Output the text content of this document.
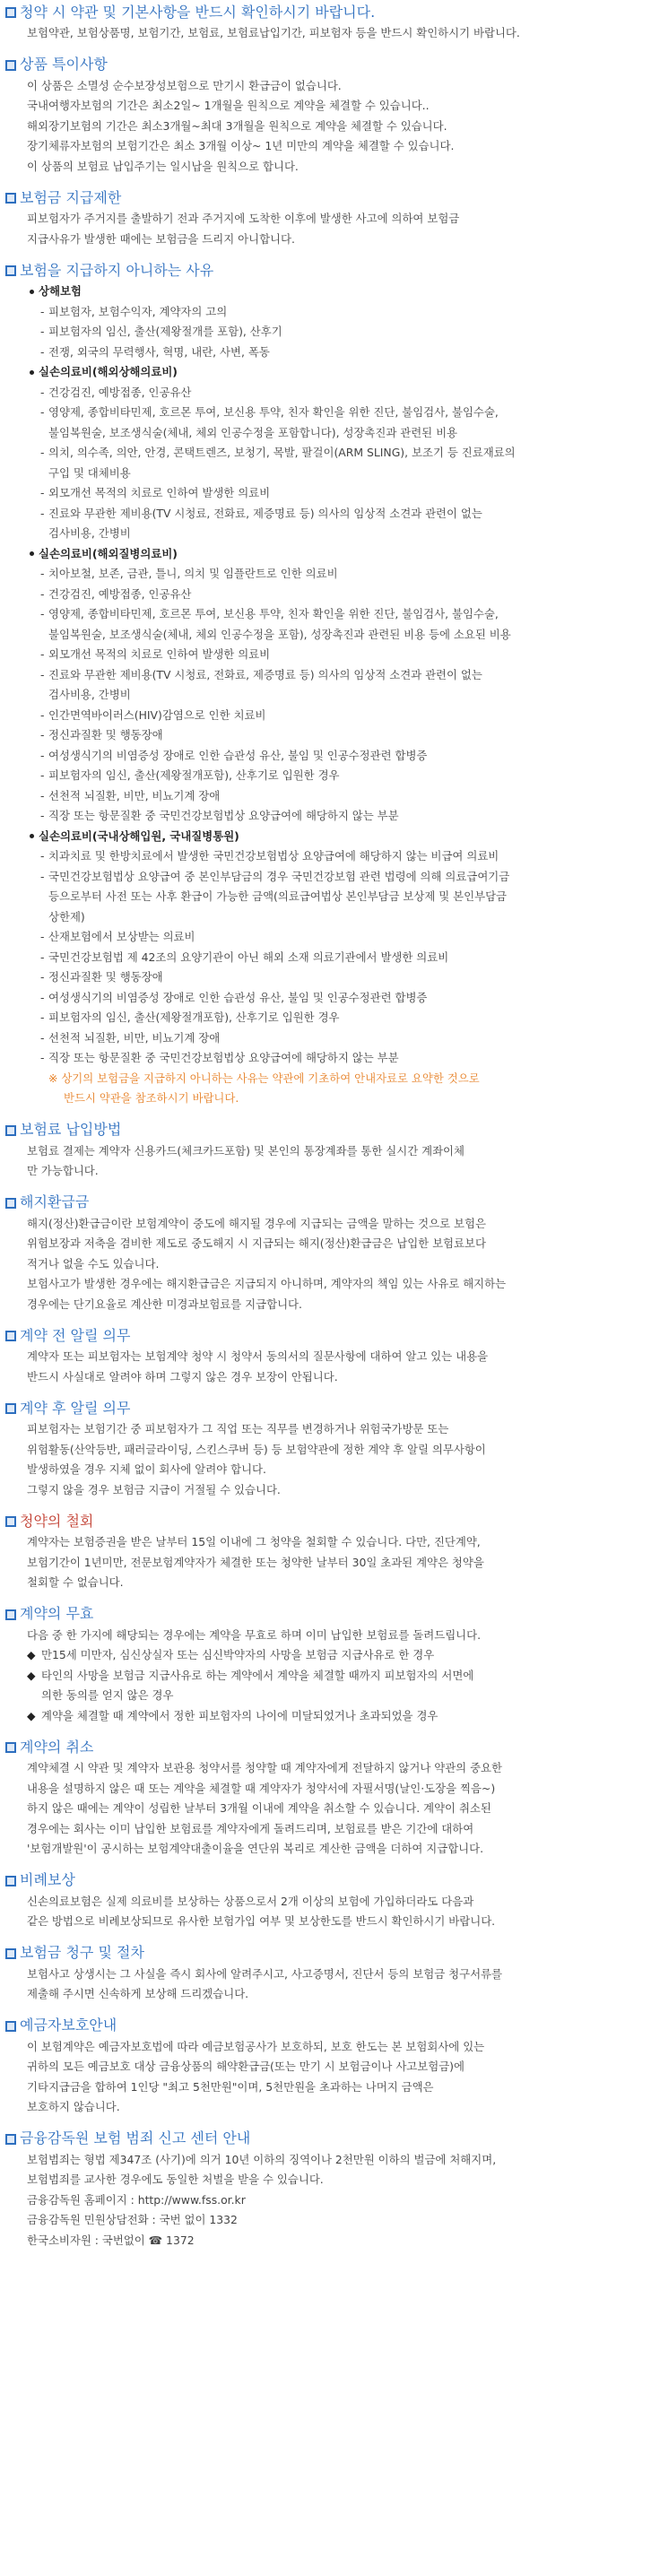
청약 시 약관 및 기본사항을 반드시 확인하시기 바랍니다.
보험약관, 보험상품명, 보험기간, 보험료, 보험료납입기간, 피보험자 등을 반드시 확인하시기 바랍니다.
상품 특이사항
이 상품은 소멸성 순수보장성보험으로 만기시 환급금이 없습니다.
국내여행자보험의 기간은 최소2일~ 1개월을 원칙으로 계약을 체결할 수 있습니다..
해외장기보험의 기간은 최소3개월~최대 3개월을 원칙으로 계약을 체결할 수 있습니다.
장기체류자보험의 보험기간은 최소 3개월 이상~ 1년 미만의 계약을 체결할 수 있습니다.
이 상품의 보험료 납입주기는 일시납을 원칙으로 합니다.
보험금 지급제한
피보험자가 주거지를 출발하기 전과 주거지에 도착한 이후에 발생한 사고에 의하여 보험금
지급사유가 발생한 때에는 보험금을 드리지 아니합니다.
보험을 지급하지 아니하는 사유
상해보험
- 피보험자, 보험수익자, 계약자의 고의
- 피보험자의 임신, 출산(제왕절개를 포함), 산후기
- 전쟁, 외국의 무력행사, 혁명, 내란, 사변, 폭동
실손의료비(해외상해의료비)
- 건강검진, 예방접종, 인공유산
- 영양제, 종합비타민제, 호르몬 투여, 보신용 투약, 친자 확인을 위한 진단, 불임검사, 불임수술,
불임복원술, 보조생식술(체내, 체외 인공수정을 포함합니다), 성장촉진과 관련된 비용
- 의치, 의수족, 의안, 안경, 콘택트렌즈, 보청기, 목발, 팔걸이(ARM SLING), 보조기 등 진료재료의
구입 및 대체비용
- 외모개선 목적의 치료로 인하여 발생한 의료비
- 진료와 무관한 제비용(TV 시청료, 전화료, 제증명료 등) 의사의 임상적 소견과 관련이 없는
검사비용, 간병비
실손의료비(해외질병의료비)
- 치아보철, 보존, 금관, 틀니, 의치 및 임플란트로 인한 의료비
- 건강검진, 예방접종, 인공유산
- 영양제, 종합비타민제, 호르몬 투여, 보신용 투약, 친자 확인을 위한 진단, 불임검사, 불임수술,
불임복원술, 보조생식술(체내, 체외 인공수정을 포함), 성장촉진과 관련된 비용 등에 소요된 비용
- 외모개선 목적의 치료로 인하여 발생한 의료비
- 진료와 무관한 제비용(TV 시청료, 전화료, 제증명료 등) 의사의 임상적 소견과 관련이 없는
검사비용, 간병비
- 인간면역바이러스(HIV)감염으로 인한 치료비
- 정신과질환 및 행동장애
- 여성생식기의 비염증성 장애로 인한 습관성 유산, 불임 및 인공수정관련 합병증
- 피보험자의 임신, 출산(제왕절개포함), 산후기로 입원한 경우
- 선천적 뇌질환, 비만, 비뇨기계 장애
- 직장 또는 항문질환 중 국민건강보험법상 요양급여에 해당하지 않는 부분
실손의료비(국내상해입원, 국내질병통원)
- 치과치료 및 한방치료에서 발생한 국민건강보험법상 요양급여에 해당하지 않는 비급여 의료비
- 국민건강보험법상 요양급여 중 본인부담금의 경우 국민건강보험 관련 법령에 의해 의료급여기금
등으로부터 사전 또는 사후 환급이 가능한 금액(의료급여법상 본인부담금 보상제 및 본인부담금
상한제)
- 산재보험에서 보상받는 의료비
- 국민건강보험법 제 42조의 요양기관이 아닌 해외 소재 의료기관에서 발생한 의료비
- 정신과질환 및 행동장애
- 여성생식기의 비염증성 장애로 인한 습관성 유산, 불임 및 인공수정관련 합병증
- 피보험자의 임신, 출산(제왕절개포함), 산후기로 입원한 경우
- 선천적 뇌질환, 비만, 비뇨기계 장애
- 직장 또는 항문질환 중 국민건강보험법상 요양급여에 해당하지 않는 부분
※ 상기의 보험금을 지급하지 아니하는 사유는 약관에 기초하여 안내자료로 요약한 것으로
반드시 약관을 참조하시기 바랍니다.
보험료 납입방법
보험료 결제는 계약자 신용카드(체크카드포함) 및 본인의 통장계좌를 통한 실시간 계좌이체
만 가능합니다.
해지환급금
해지(정산)환급금이란 보험계약이 중도에 해지될 경우에 지급되는 금액을 말하는 것으로 보험은
위험보장과 저축을 겸비한 제도로 중도해지 시 지급되는 해지(정산)환급금은 납입한 보험료보다
적거나 없을 수도 있습니다.
보험사고가 발생한 경우에는 해지환급금은 지급되지 아니하며, 계약자의 책임 있는 사유로 해지하는
경우에는 단기요율로 계산한 미경과보험료를 지급합니다.
계약 전 알릴 의무
계약자 또는 피보험자는 보험계약 청약 시 청약서 동의서의 질문사항에 대하여 알고 있는 내용을
반드시 사실대로 알려야 하며 그렇지 않은 경우 보장이 안됩니다.
계약 후 알릴 의무
피보험자는 보험기간 중 피보험자가 그 직업 또는 직무를 변경하거나 위험국가방문 또는
위험활동(산악등반, 패러글라이딩, 스킨스쿠버 등) 등 보험약관에 정한 계약 후 알릴 의무사항이
발생하였을 경우 지체 없이 회사에 알려야 합니다.
그렇지 않을 경우 보험금 지급이 거절될 수 있습니다.
청약의 철회
계약자는 보험증권을 받은 날부터 15일 이내에 그 청약을 철회할 수 있습니다. 다만, 진단계약,
보험기간이 1년미만, 전문보험계약자가 체결한 또는 청약한 날부터 30일 초과된 계약은 청약을
철회할 수 없습니다.
계약의 무효
다음 중 한 가지에 해당되는 경우에는 계약을 무효로 하며 이미 납입한 보험료를 돌려드립니다.
◆ 만15세 미만자, 심신상실자 또는 심신박약자의 사망을 보험금 지급사유로 한 경우
◆ 타인의 사망을 보험금 지급사유로 하는 계약에서 계약을 체결할 때까지 피보험자의 서면에
의한 동의를 얻지 않은 경우
◆ 계약을 체결할 때 계약에서 정한 피보험자의 나이에 미달되었거나 초과되었을 경우
계약의 취소
계약체결 시 약관 및 계약자 보관용 청약서를 청약할 때 계약자에게 전달하지 않거나 약관의 중요한
내용을 설명하지 않은 때 또는 계약을 체결할 때 계약자가 청약서에 자필서명(날인·도장을 찍음~)
하지 않은 때에는 계약이 성립한 날부터 3개월 이내에 계약을 취소할 수 있습니다. 계약이 취소된
경우에는 회사는 이미 납입한 보험료를 계약자에게 돌려드리며, 보험료를 받은 기간에 대하여
'보험개발원'이 공시하는 보험계약대출이율을 연단위 복리로 계산한 금액을 더하여 지급합니다.
비례보상
신손의료보험은 실제 의료비를 보상하는 상품으로서 2개 이상의 보험에 가입하더라도 다음과
같은 방법으로 비례보상되므로 유사한 보험가입 여부 및 보상한도를 반드시 확인하시기 바랍니다.
보험금 청구 및 절차
보험사고 상생시는 그 사실을 즉시 회사에 알려주시고, 사고증명서, 진단서 등의 보험금 청구서류를
제출해 주시면 신속하게 보상해 드리겠습니다.
예금자보호안내
이 보험계약은 예금자보호법에 따라 예금보험공사가 보호하되, 보호 한도는 본 보험회사에 있는
귀하의 모든 예금보호 대상 금융상품의 해약환급금(또는 만기 시 보험금이나 사고보험금)에
기타지급금을 합하여 1인당 "최고 5천만원"이며, 5천만원을 초과하는 나머지 금액은
보호하지 않습니다.
금융감독원 보험 범죄 신고 센터 안내
보험범죄는 형법 제347조 (사기)에 의거 10년 이하의 징역이나 2천만원 이하의 벌금에 처해지며,
보험범죄를 교사한 경우에도 동일한 처벌을 받을 수 있습니다.
금융감독원 홈페이지 : http://www.fss.or.kr
금융감독원 민원상담전화 : 국번 없이 1332
한국소비자원 : 국번없이 ☎ 1372
